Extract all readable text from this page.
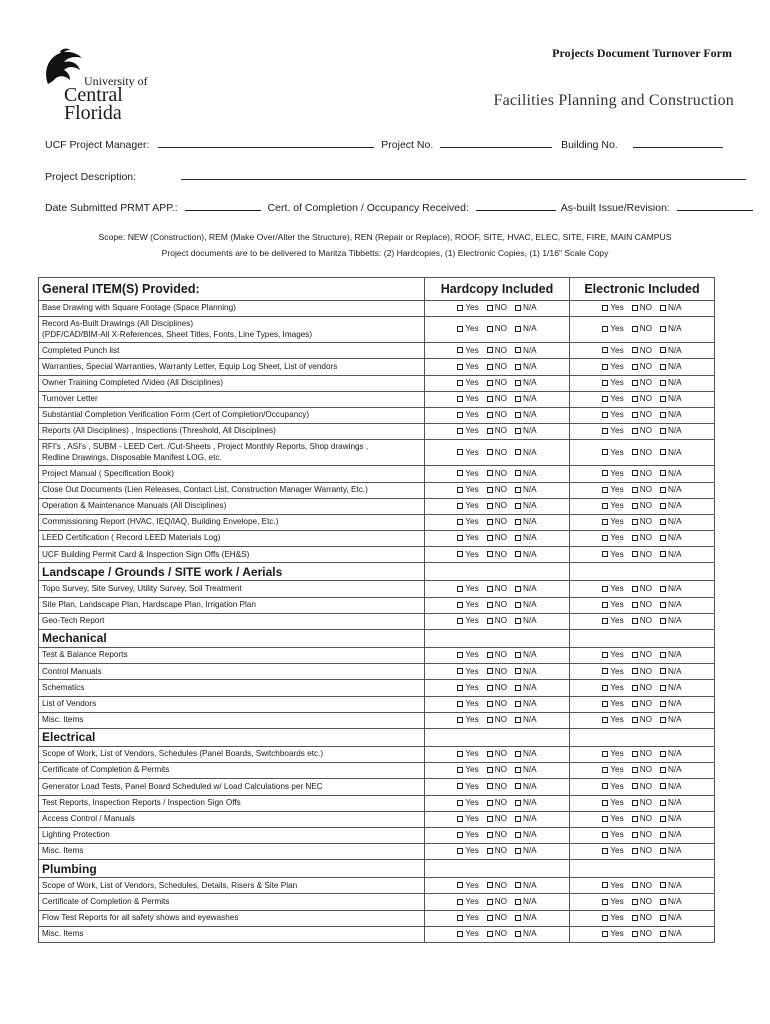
Projects Document Turnover Form
University of
Central
Florida
Facilities Planning and Construction
UCF Project Manager:	Project No.	Building No.
Project Description:
Date Submitted PRMT APP.:	Cert. of Completion / Occupancy Received:	As-built Issue/Revision:
Scope: NEW (Construction), REM (Make Over/Alter the Structure), REN (Repair or Replace), ROOF, SITE, HVAC, ELEC, SITE, FIRE, MAIN CAMPUS
Project documents are to be delivered to Maritza Tibbetts: (2) Hardcopies, (1) Electronic Copies, (1) 1/16" Scale Copy
General ITEM(S) Provided:	Hardcopy Included	Electronic Included

Base Drawing with Square Footage (Space Planning)	Yes NO N/A	Yes NO N/A

Record As-Built Drawings (All Disciplines)
(PDF/CAD/BIM-All X-References, Sheet Titles, Fonts, Line Types, Images)	Yes NO N/A	Yes NO N/A

Completed Punch list	Yes NO N/A	Yes NO N/A

Warranties, Special Warranties, Warranty Letter, Equip Log Sheet, List of vendors	Yes NO N/A	Yes NO N/A

Owner Training Completed /Video (All Disciplines)	Yes NO N/A	Yes NO N/A

Turnover Letter	Yes NO N/A	Yes NO N/A

Substantial Completion Verification Form (Cert of Completion/Occupancy)	Yes NO N/A	Yes NO N/A

Reports (All Disciplines) , Inspections (Threshold, All Disciplines)	Yes NO N/A	Yes NO N/A

RFI's , ASI's , SUBM - LEED Cert. /Cut-Sheets , Project Monthly Reports, Shop drawings ,
Redline Drawings, Disposable Manifest LOG, etc.	Yes NO N/A	Yes NO N/A

Project Manual ( Specification Book)	Yes NO N/A	Yes NO N/A

Close Out Documents (Lien Releases, Contact List, Construction Manager Warranty, Etc.)	Yes NO N/A	Yes NO N/A

Operation & Maintenance Manuals (All Disciplines)	Yes NO N/A	Yes NO N/A

Commissioning Report (HVAC, IEQ/IAQ, Building Envelope, Etc.)	Yes NO N/A	Yes NO N/A

LEED Certification ( Record LEED Materials Log)	Yes NO N/A	Yes NO N/A

UCF Building Permit Card & Inspection Sign Offs (EH&S)	Yes NO N/A	Yes NO N/A
Landscape / Grounds / SITE work / Aerials		

Topo Survey, Site Survey, Utility Survey, Soil Treatment	Yes NO N/A	Yes NO N/A

Site Plan, Landscape Plan, Hardscape Plan, Irrigation Plan	Yes NO N/A	Yes NO N/A

Geo-Tech Report	Yes NO N/A	Yes NO N/A
Mechanical		

Test & Balance Reports	Yes NO N/A	Yes NO N/A

Control Manuals	Yes NO N/A	Yes NO N/A

Schematics	Yes NO N/A	Yes NO N/A

List of Vendors	Yes NO N/A	Yes NO N/A

Misc. Items	Yes NO N/A	Yes NO N/A
Electrical		

Scope of Work, List of Vendors, Schedules (Panel Boards, Switchboards etc.)	Yes NO N/A	Yes NO N/A

Certificate of Completion & Permits	Yes NO N/A	Yes NO N/A

Generator Load Tests, Panel Board Scheduled w/ Load Calculations per NEC	Yes NO N/A	Yes NO N/A

Test Reports, Inspection Reports / Inspection Sign Offs	Yes NO N/A	Yes NO N/A

Access Control / Manuals	Yes NO N/A	Yes NO N/A

Lighting Protection	Yes NO N/A	Yes NO N/A

Misc. Items	Yes NO N/A	Yes NO N/A
Plumbing		

Scope of Work, List of Vendors, Schedules, Details, Risers & Site Plan	Yes NO N/A	Yes NO N/A

Certificate of Completion & Permits	Yes NO N/A	Yes NO N/A

Flow Test Reports for all safety shows and eyewashes	Yes NO N/A	Yes NO N/A

Misc. Items	Yes NO N/A	Yes NO N/A
